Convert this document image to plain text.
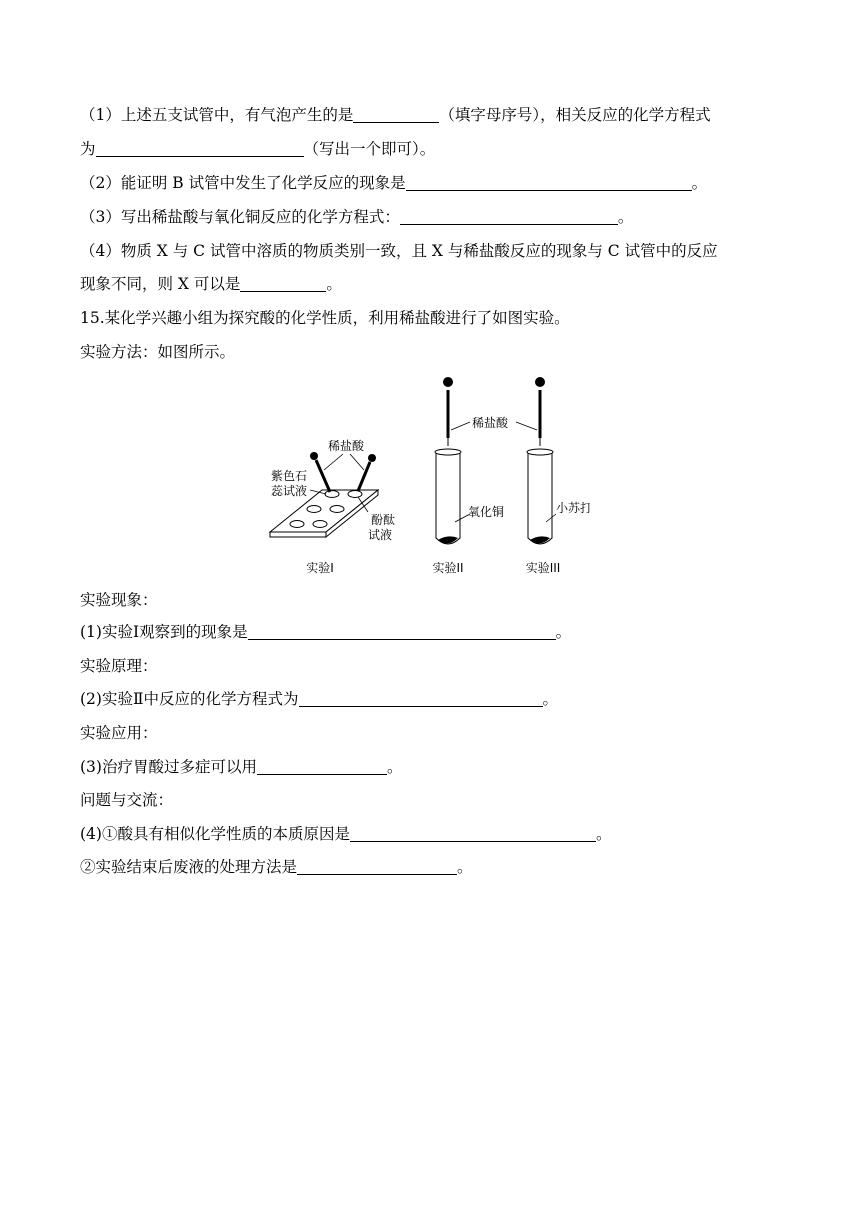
（1）上述五支试管中，有气泡产生的是	（填字母序号），相关反应的化学方程式
为	（写出一个即可）。
（2）能证明 B 试管中发生了化学反应的现象是	。
（3）写出稀盐酸与氧化铜反应的化学方程式：	。
（4）物质 X 与 C 试管中溶质的物质类别一致，且 X 与稀盐酸反应的现象与 C 试管中的反应
现象不同，则 X 可以是	。
15.某化学兴趣小组为探究酸的化学性质，利用稀盐酸进行了如图实验。
实验方法：如图所示。
稀盐酸
紫色石
蕊试液
酚酞
试液
稀盐酸
氧化铜	小苏打
实验I	实验II	实验III
实验现象：
(1)实验Ⅰ观察到的现象是	。
实验原理：
(2)实验Ⅱ中反应的化学方程式为	。
实验应用：
(3)治疗胃酸过多症可以用	。
问题与交流：
(4)①酸具有相似化学性质的本质原因是	。
②实验结束后废液的处理方法是	。
